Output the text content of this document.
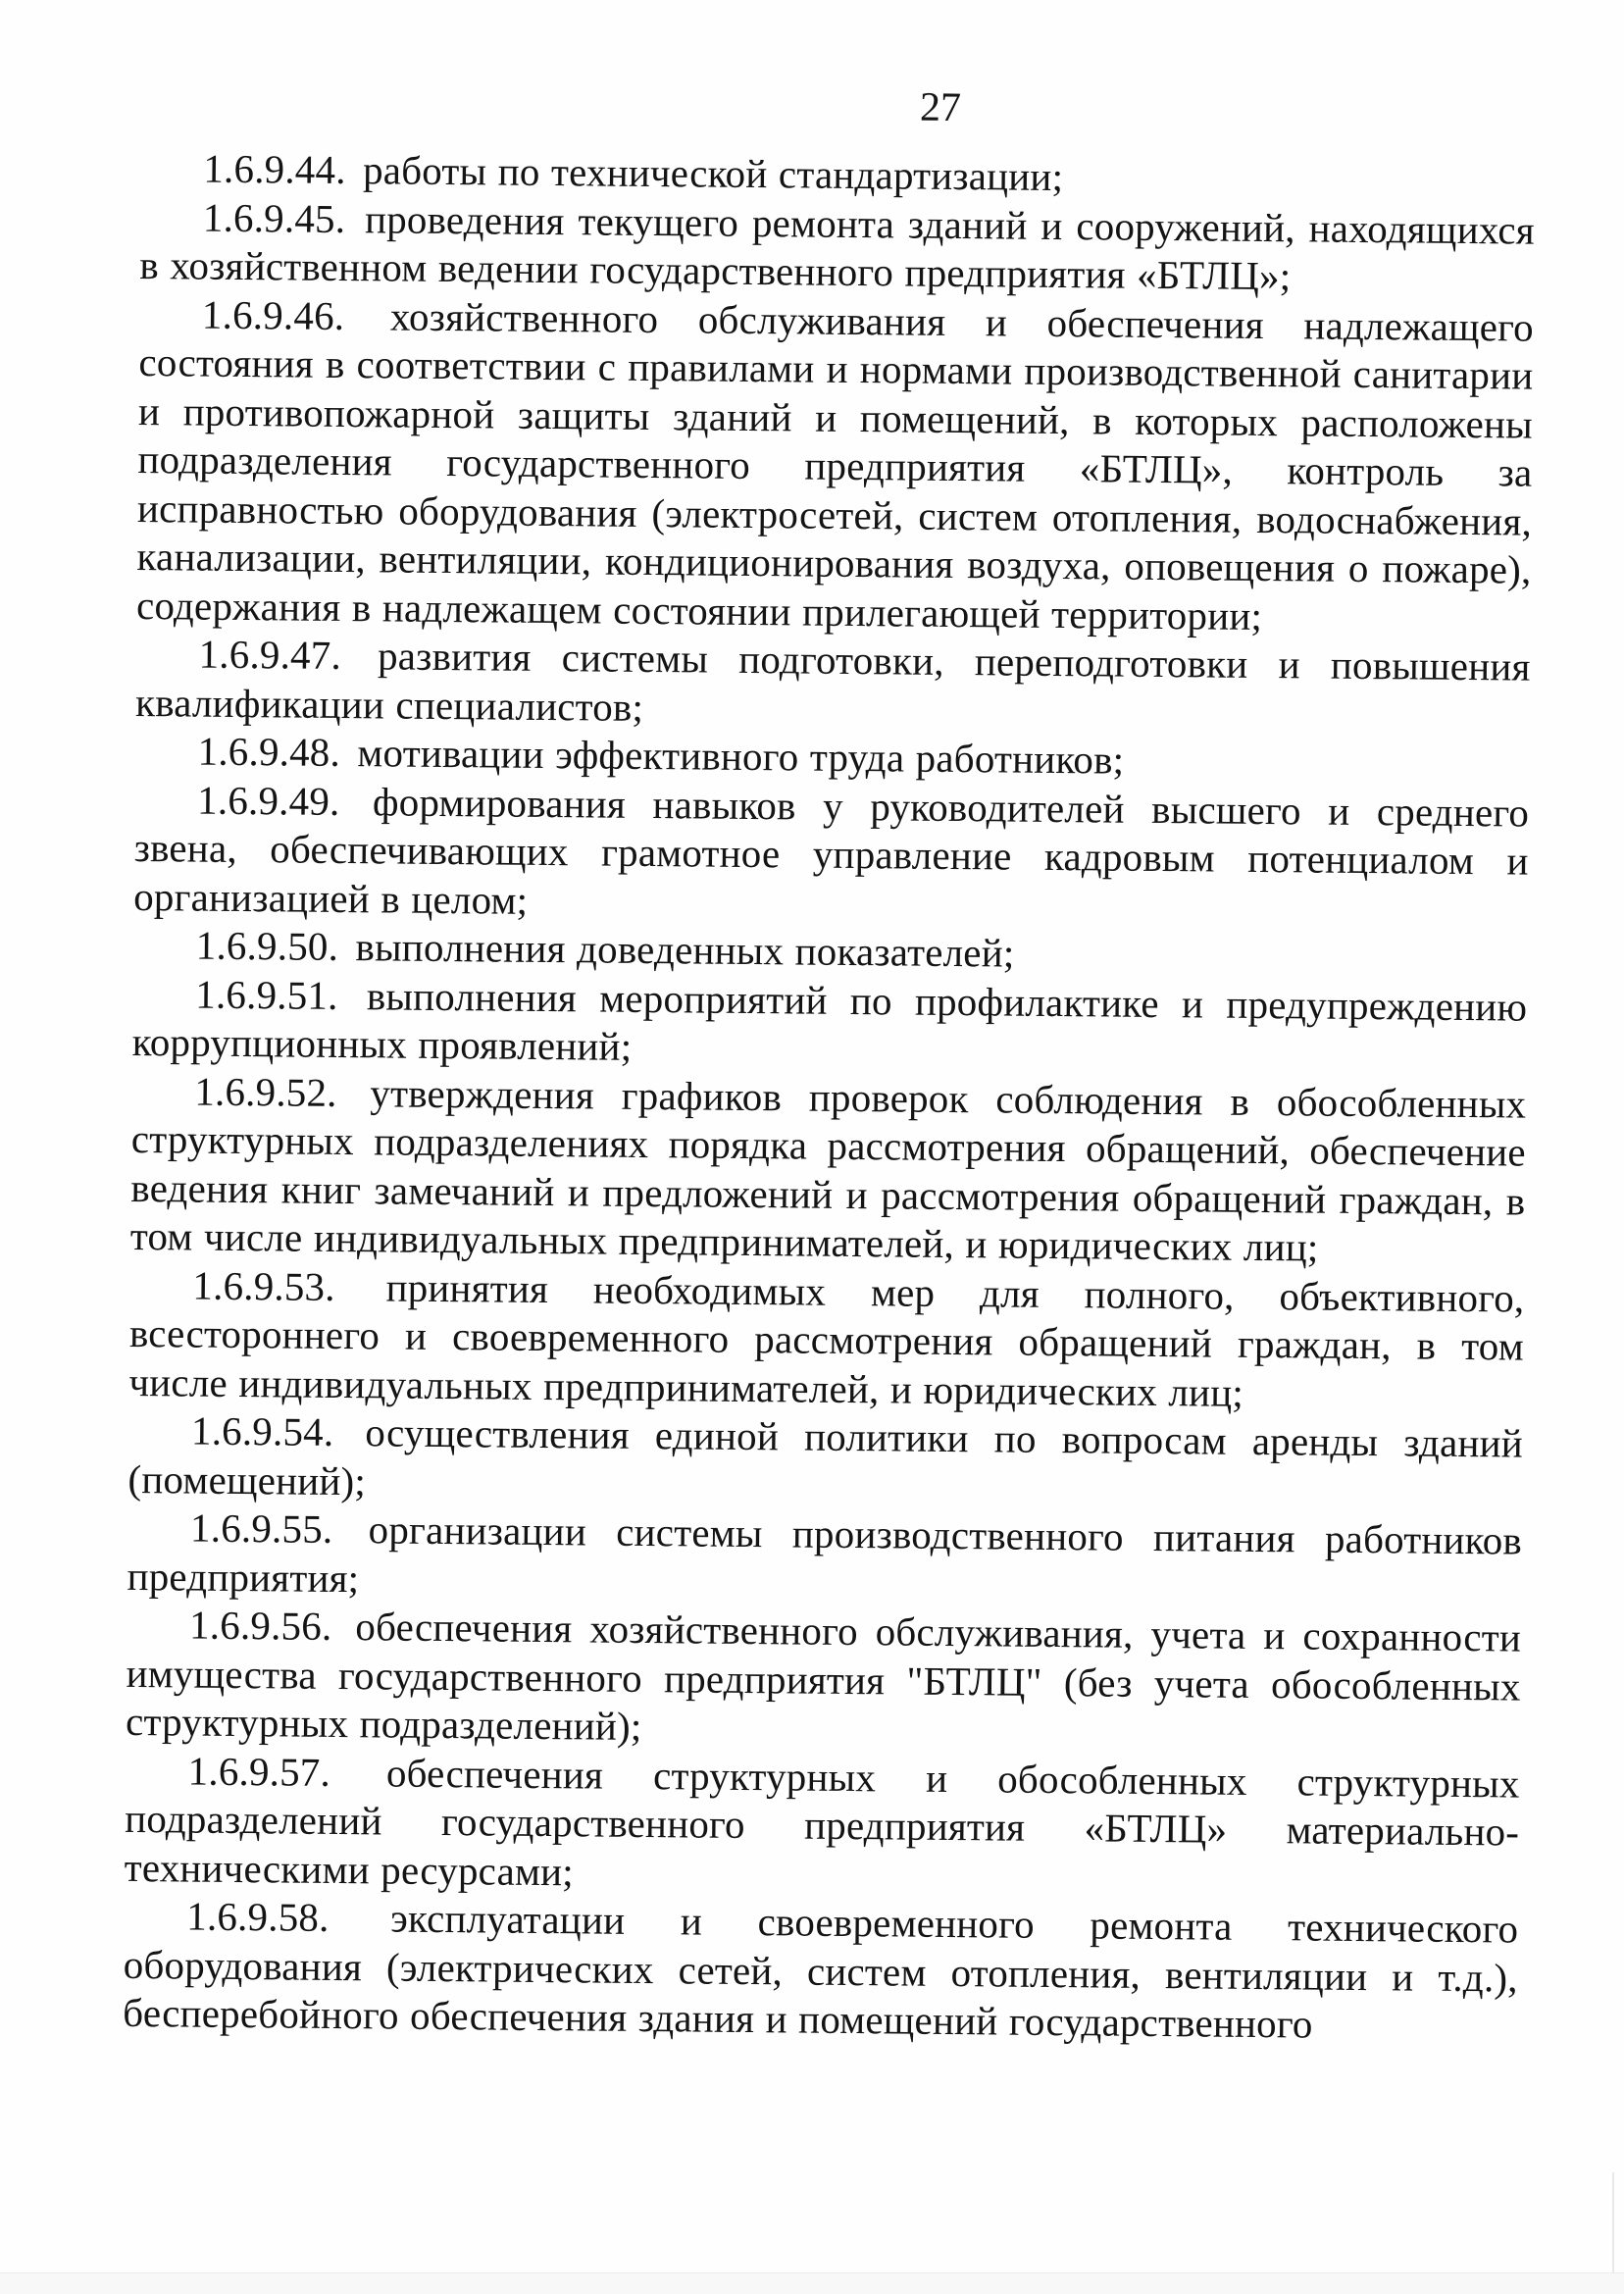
27

1.6.9.44. работы по технической стандартизации;

1.6.9.45. проведения текущего ремонта зданий и сооружений, находящихся в хозяйственном ведении государственного предприятия «БТЛЦ»;

1.6.9.46. хозяйственного обслуживания и обеспечения надлежащего состояния в соответствии с правилами и нормами производственной санитарии и противопожарной защиты зданий и помещений, в которых расположены подразделения государственного предприятия «БТЛЦ», контроль за исправностью оборудования (электросетей, систем отопления, водоснабжения, канализации, вентиляции, кондиционирования воздуха, оповещения о пожаре), содержания в надлежащем состоянии прилегающей территории;

1.6.9.47. развития системы подготовки, переподготовки и повышения квалификации специалистов;

1.6.9.48. мотивации эффективного труда работников;

1.6.9.49. формирования навыков у руководителей высшего и среднего звена, обеспечивающих грамотное управление кадровым потенциалом и организацией в целом;

1.6.9.50. выполнения доведенных показателей;

1.6.9.51. выполнения мероприятий по профилактике и предупреждению коррупционных проявлений;

1.6.9.52. утверждения графиков проверок соблюдения в обособленных структурных подразделениях порядка рассмотрения обращений, обеспечение ведения книг замечаний и предложений и рассмотрения обращений граждан, в том числе индивидуальных предпринимателей, и юридических лиц;

1.6.9.53. принятия необходимых мер для полного, объективного, всестороннего и своевременного рассмотрения обращений граждан, в том числе индивидуальных предпринимателей, и юридических лиц;

1.6.9.54. осуществления единой политики по вопросам аренды зданий (помещений);

1.6.9.55. организации системы производственного питания работников предприятия;

1.6.9.56. обеспечения хозяйственного обслуживания, учета и сохранности имущества государственного предприятия "БТЛЦ" (без учета обособленных структурных подразделений);

1.6.9.57. обеспечения структурных и обособленных структурных подразделений государственного предприятия «БТЛЦ» материально-техническими ресурсами;

1.6.9.58. эксплуатации и своевременного ремонта технического оборудования (электрических сетей, систем отопления, вентиляции и т.д.), бесперебойного обеспечения здания и помещений государственного
